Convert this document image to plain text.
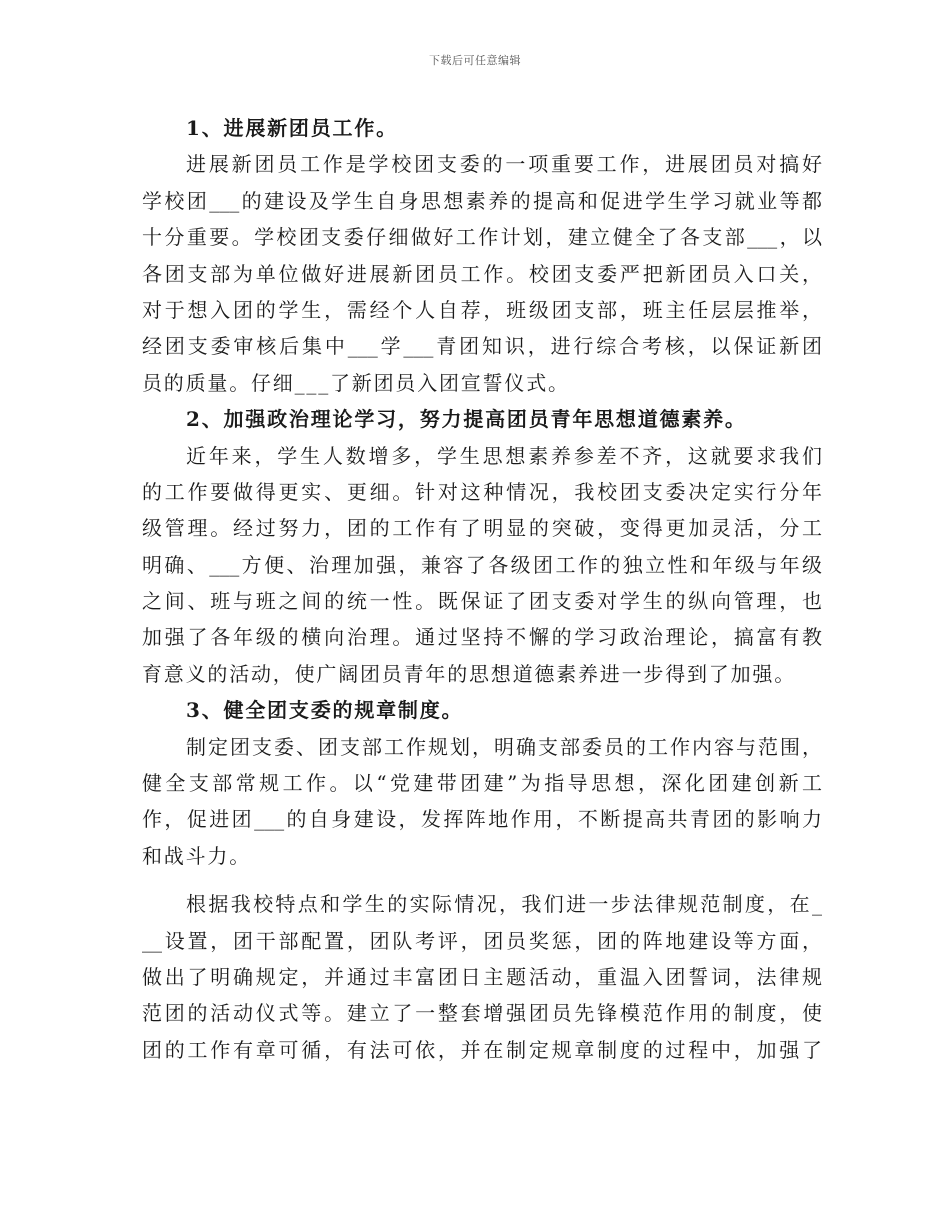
下载后可任意编辑
1、进展新团员工作。
进展新团员工作是学校团支委的一项重要工作，进展团员对搞好
学校团___的建设及学生自身思想素养的提高和促进学生学习就业等都
十分重要。学校团支委仔细做好工作计划，建立健全了各支部___，以
各团支部为单位做好进展新团员工作。校团支委严把新团员入口关，
对于想入团的学生，需经个人自荐，班级团支部，班主任层层推举，
经团支委审核后集中___学___青团知识，进行综合考核，以保证新团
员的质量。仔细___了新团员入团宣誓仪式。
2、加强政治理论学习，努力提高团员青年思想道德素养。
近年来，学生人数增多，学生思想素养参差不齐，这就要求我们
的工作要做得更实、更细。针对这种情况，我校团支委决定实行分年
级管理。经过努力，团的工作有了明显的突破，变得更加灵活，分工
明确、___方便、治理加强，兼容了各级团工作的独立性和年级与年级
之间、班与班之间的统一性。既保证了团支委对学生的纵向管理，也
加强了各年级的横向治理。通过坚持不懈的学习政治理论，搞富有教
育意义的活动，使广阔团员青年的思想道德素养进一步得到了加强。
3、健全团支委的规章制度。
制定团支委、团支部工作规划，明确支部委员的工作内容与范围，
健全支部常规工作。以“党建带团建”为指导思想，深化团建创新工
作，促进团___的自身建设，发挥阵地作用，不断提高共青团的影响力
和战斗力。
根据我校特点和学生的实际情况，我们进一步法律规范制度，在_
__设置，团干部配置，团队考评，团员奖惩，团的阵地建设等方面，
做出了明确规定，并通过丰富团日主题活动，重温入团誓词，法律规
范团的活动仪式等。建立了一整套增强团员先锋模范作用的制度，使
团的工作有章可循，有法可依，并在制定规章制度的过程中，加强了
